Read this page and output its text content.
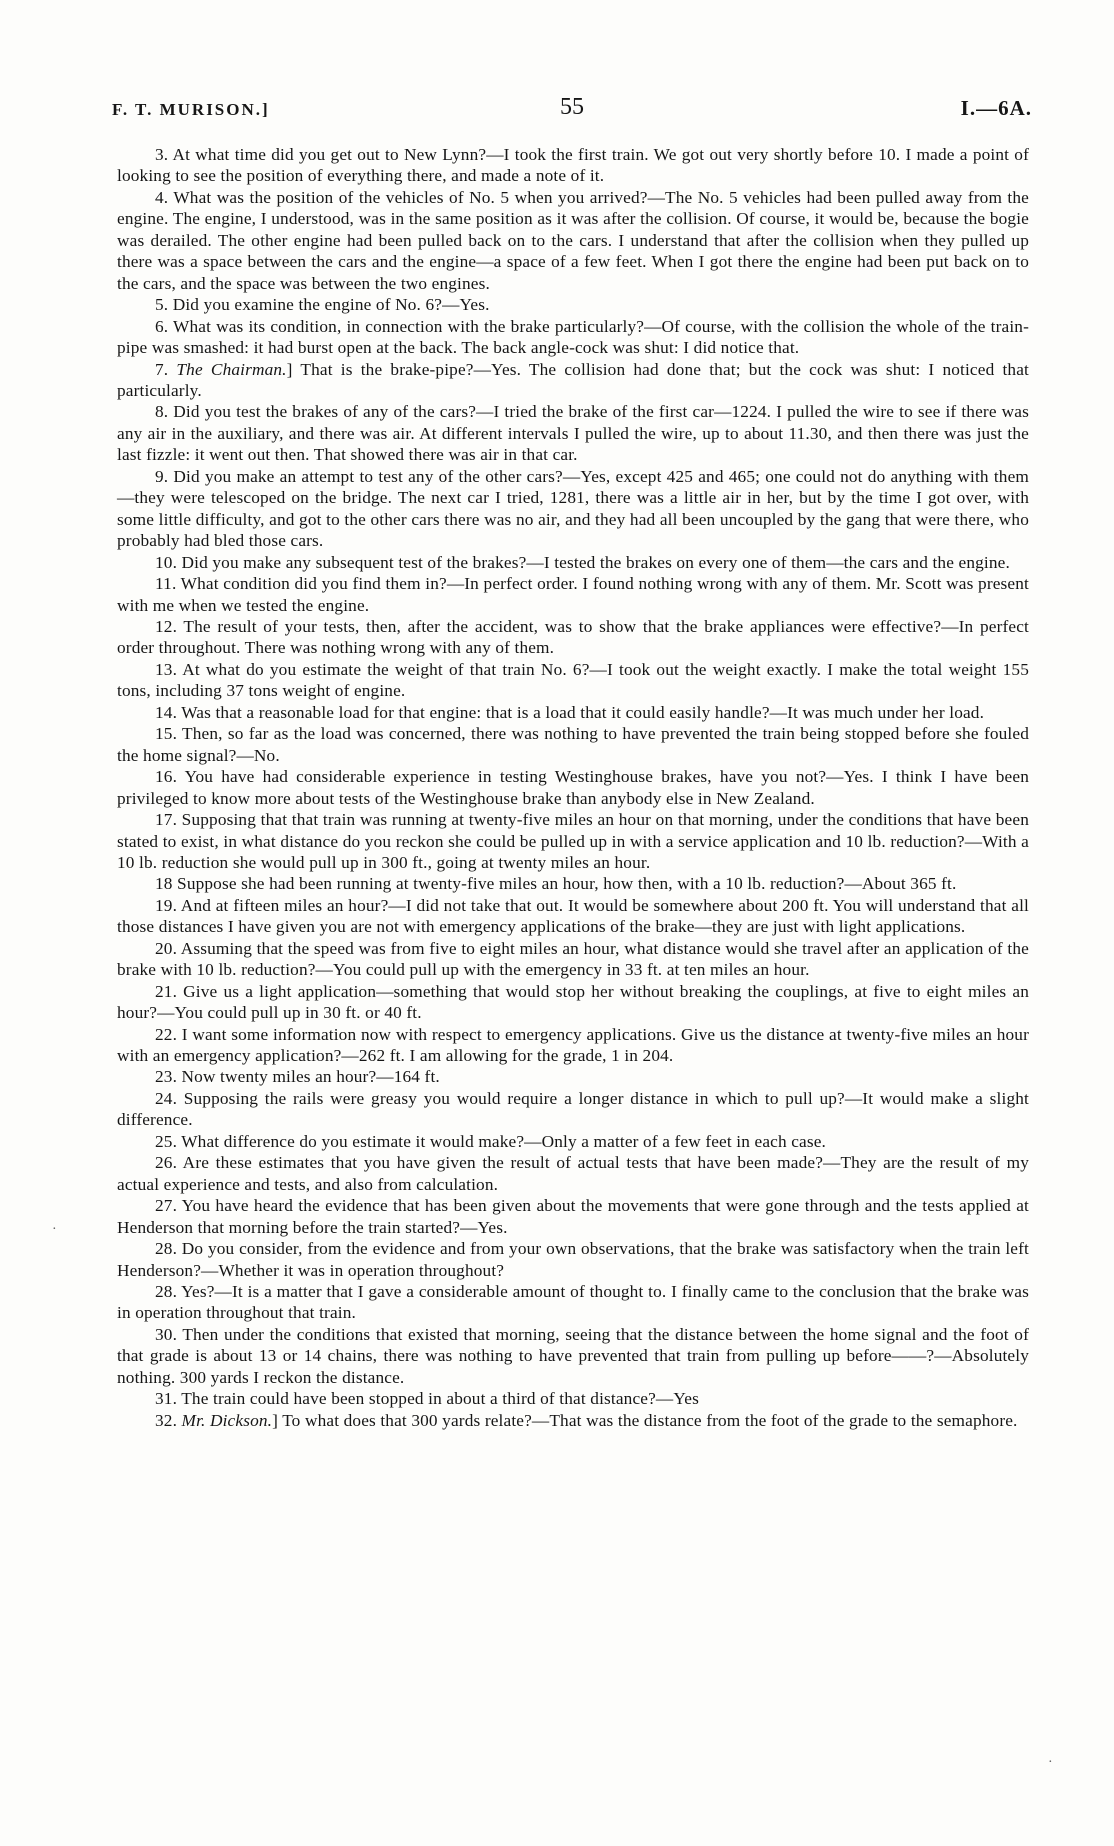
F. T. MURISON.]	55	I.—6A.

3. At what time did you get out to New Lynn?—I took the first train. We got out very shortly before 10. I made a point of looking to see the position of everything there, and made a note of it.

4. What was the position of the vehicles of No. 5 when you arrived?—The No. 5 vehicles had been pulled away from the engine. The engine, I understood, was in the same position as it was after the collision. Of course, it would be, because the bogie was derailed. The other engine had been pulled back on to the cars. I understand that after the collision when they pulled up there was a space between the cars and the engine—a space of a few feet. When I got there the engine had been put back on to the cars, and the space was between the two engines.

5. Did you examine the engine of No. 6?—Yes.

6. What was its condition, in connection with the brake particularly?—Of course, with the collision the whole of the train-pipe was smashed: it had burst open at the back. The back angle-cock was shut: I did notice that.

7. The Chairman.] That is the brake-pipe?—Yes. The collision had done that; but the cock was shut: I noticed that particularly.

8. Did you test the brakes of any of the cars?—I tried the brake of the first car—1224. I pulled the wire to see if there was any air in the auxiliary, and there was air. At different intervals I pulled the wire, up to about 11.30, and then there was just the last fizzle: it went out then. That showed there was air in that car.

9. Did you make an attempt to test any of the other cars?—Yes, except 425 and 465; one could not do anything with them—they were telescoped on the bridge. The next car I tried, 1281, there was a little air in her, but by the time I got over, with some little difficulty, and got to the other cars there was no air, and they had all been uncoupled by the gang that were there, who probably had bled those cars.

10. Did you make any subsequent test of the brakes?—I tested the brakes on every one of them—the cars and the engine.

11. What condition did you find them in?—In perfect order. I found nothing wrong with any of them. Mr. Scott was present with me when we tested the engine.

12. The result of your tests, then, after the accident, was to show that the brake appliances were effective?—In perfect order throughout. There was nothing wrong with any of them.

13. At what do you estimate the weight of that train No. 6?—I took out the weight exactly. I make the total weight 155 tons, including 37 tons weight of engine.

14. Was that a reasonable load for that engine: that is a load that it could easily handle?—It was much under her load.

15. Then, so far as the load was concerned, there was nothing to have prevented the train being stopped before she fouled the home signal?—No.

16. You have had considerable experience in testing Westinghouse brakes, have you not?—Yes. I think I have been privileged to know more about tests of the Westinghouse brake than anybody else in New Zealand.

17. Supposing that that train was running at twenty-five miles an hour on that morning, under the conditions that have been stated to exist, in what distance do you reckon she could be pulled up in with a service application and 10 lb. reduction?—With a 10 lb. reduction she would pull up in 300 ft., going at twenty miles an hour.

18 Suppose she had been running at twenty-five miles an hour, how then, with a 10 lb. reduction?—About 365 ft.

19. And at fifteen miles an hour?—I did not take that out. It would be somewhere about 200 ft. You will understand that all those distances I have given you are not with emergency applications of the brake—they are just with light applications.

20. Assuming that the speed was from five to eight miles an hour, what distance would she travel after an application of the brake with 10 lb. reduction?—You could pull up with the emergency in 33 ft. at ten miles an hour.

21. Give us a light application—something that would stop her without breaking the couplings, at five to eight miles an hour?—You could pull up in 30 ft. or 40 ft.

22. I want some information now with respect to emergency applications. Give us the distance at twenty-five miles an hour with an emergency application?—262 ft. I am allowing for the grade, 1 in 204.

23. Now twenty miles an hour?—164 ft.

24. Supposing the rails were greasy you would require a longer distance in which to pull up?—It would make a slight difference.

25. What difference do you estimate it would make?—Only a matter of a few feet in each case.

26. Are these estimates that you have given the result of actual tests that have been made?—They are the result of my actual experience and tests, and also from calculation.

27. You have heard the evidence that has been given about the movements that were gone through and the tests applied at Henderson that morning before the train started?—Yes.

28. Do you consider, from the evidence and from your own observations, that the brake was satisfactory when the train left Henderson?—Whether it was in operation throughout?

28. Yes?—It is a matter that I gave a considerable amount of thought to. I finally came to the conclusion that the brake was in operation throughout that train.

30. Then under the conditions that existed that morning, seeing that the distance between the home signal and the foot of that grade is about 13 or 14 chains, there was nothing to have prevented that train from pulling up before——?—Absolutely nothing. 300 yards I reckon the distance.

31. The train could have been stopped in about a third of that distance?—Yes

32. Mr. Dickson.] To what does that 300 yards relate?—That was the distance from the foot of the grade to the semaphore.

·
·
